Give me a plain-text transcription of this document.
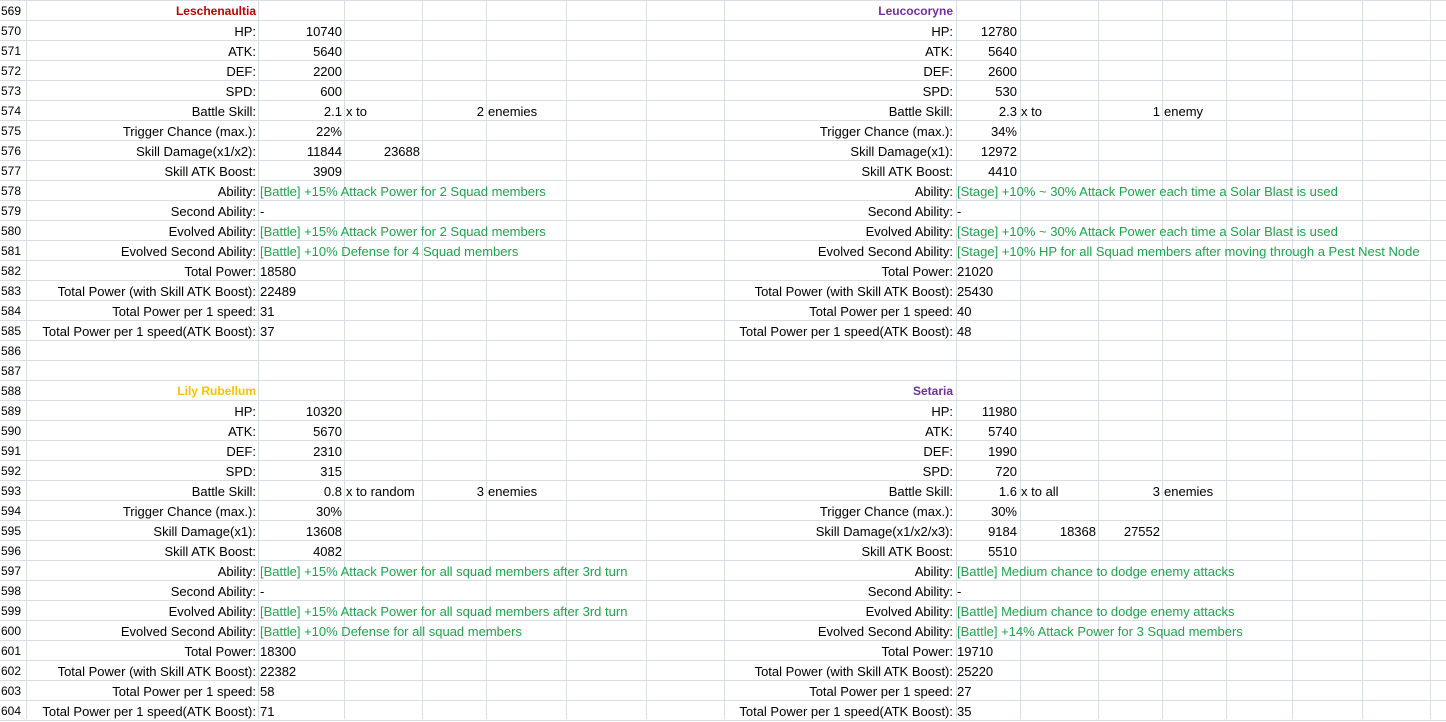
569	Leschenaultia	Leucocoryne
570	HP:	10740	HP: 12780
571	ATK:	5640	ATK:	5640
572	DEF:	2200	DEF:	2600
573	SPD:	600	SPD:	530
574	Battle Skill:	2.1 x to	2 enemies	Battle Skill:	2.3 x to	1 enemy
575	Trigger Chance (max.):	22%	Trigger Chance (max.):	34%
576	Skill Damage(x1/x2):	11844	23688	Skill Damage(x1): 12972
577	Skill ATK Boost:	3909	Skill ATK Boost:	4410
578	Ability: [Battle] +15% Attack Power for 2 Squad members	Ability: [Stage] +10% ~ 30% Attack Power each time a Solar Blast is used
579	Second Ability: -	Second Ability: -
580	Evolved Ability: [Battle] +15% Attack Power for 2 Squad members	Evolved Ability: [Stage] +10% ~ 30% Attack Power each time a Solar Blast is used
581	Evolved Second Ability: [Battle] +10% Defense for 4 Squad members	Evolved Second Ability: [Stage] +10% HP for all Squad members after moving through a Pest Nest Node
582	Total Power: 18580	Total Power: 21020
583	Total Power (with Skill ATK Boost): 22489	Total Power (with Skill ATK Boost): 25430
584	Total Power per 1 speed: 31	Total Power per 1 speed: 40
585	Total Power per 1 speed(ATK Boost): 37	Total Power per 1 speed(ATK Boost): 48
586
587
588	Lily Rubellum	Setaria
589	HP:	10320	HP: 11980
590	ATK:	5670	ATK:	5740
591	DEF:	2310	DEF:	1990
592	SPD:	315	SPD:	720
593	Battle Skill:	0.8 x to random	3 enemies	Battle Skill:	1.6 x to all	3 enemies
594	Trigger Chance (max.):	30%	Trigger Chance (max.):	30%
595	Skill Damage(x1):	13608	Skill Damage(x1/x2/x3):	9184	18368 27552
596	Skill ATK Boost:	4082	Skill ATK Boost:	5510
597	Ability: [Battle] +15% Attack Power for all squad members after 3rd turn	Ability: [Battle] Medium chance to dodge enemy attacks
598	Second Ability: -	Second Ability: -
599	Evolved Ability: [Battle] +15% Attack Power for all squad members after 3rd turn	Evolved Ability: [Battle] Medium chance to dodge enemy attacks
600	Evolved Second Ability: [Battle] +10% Defense for all squad members	Evolved Second Ability: [Battle] +14% Attack Power for 3 Squad members
601	Total Power: 18300	Total Power: 19710
602	Total Power (with Skill ATK Boost): 22382	Total Power (with Skill ATK Boost): 25220
603	Total Power per 1 speed: 58	Total Power per 1 speed: 27
604	Total Power per 1 speed(ATK Boost): 71	Total Power per 1 speed(ATK Boost): 35
